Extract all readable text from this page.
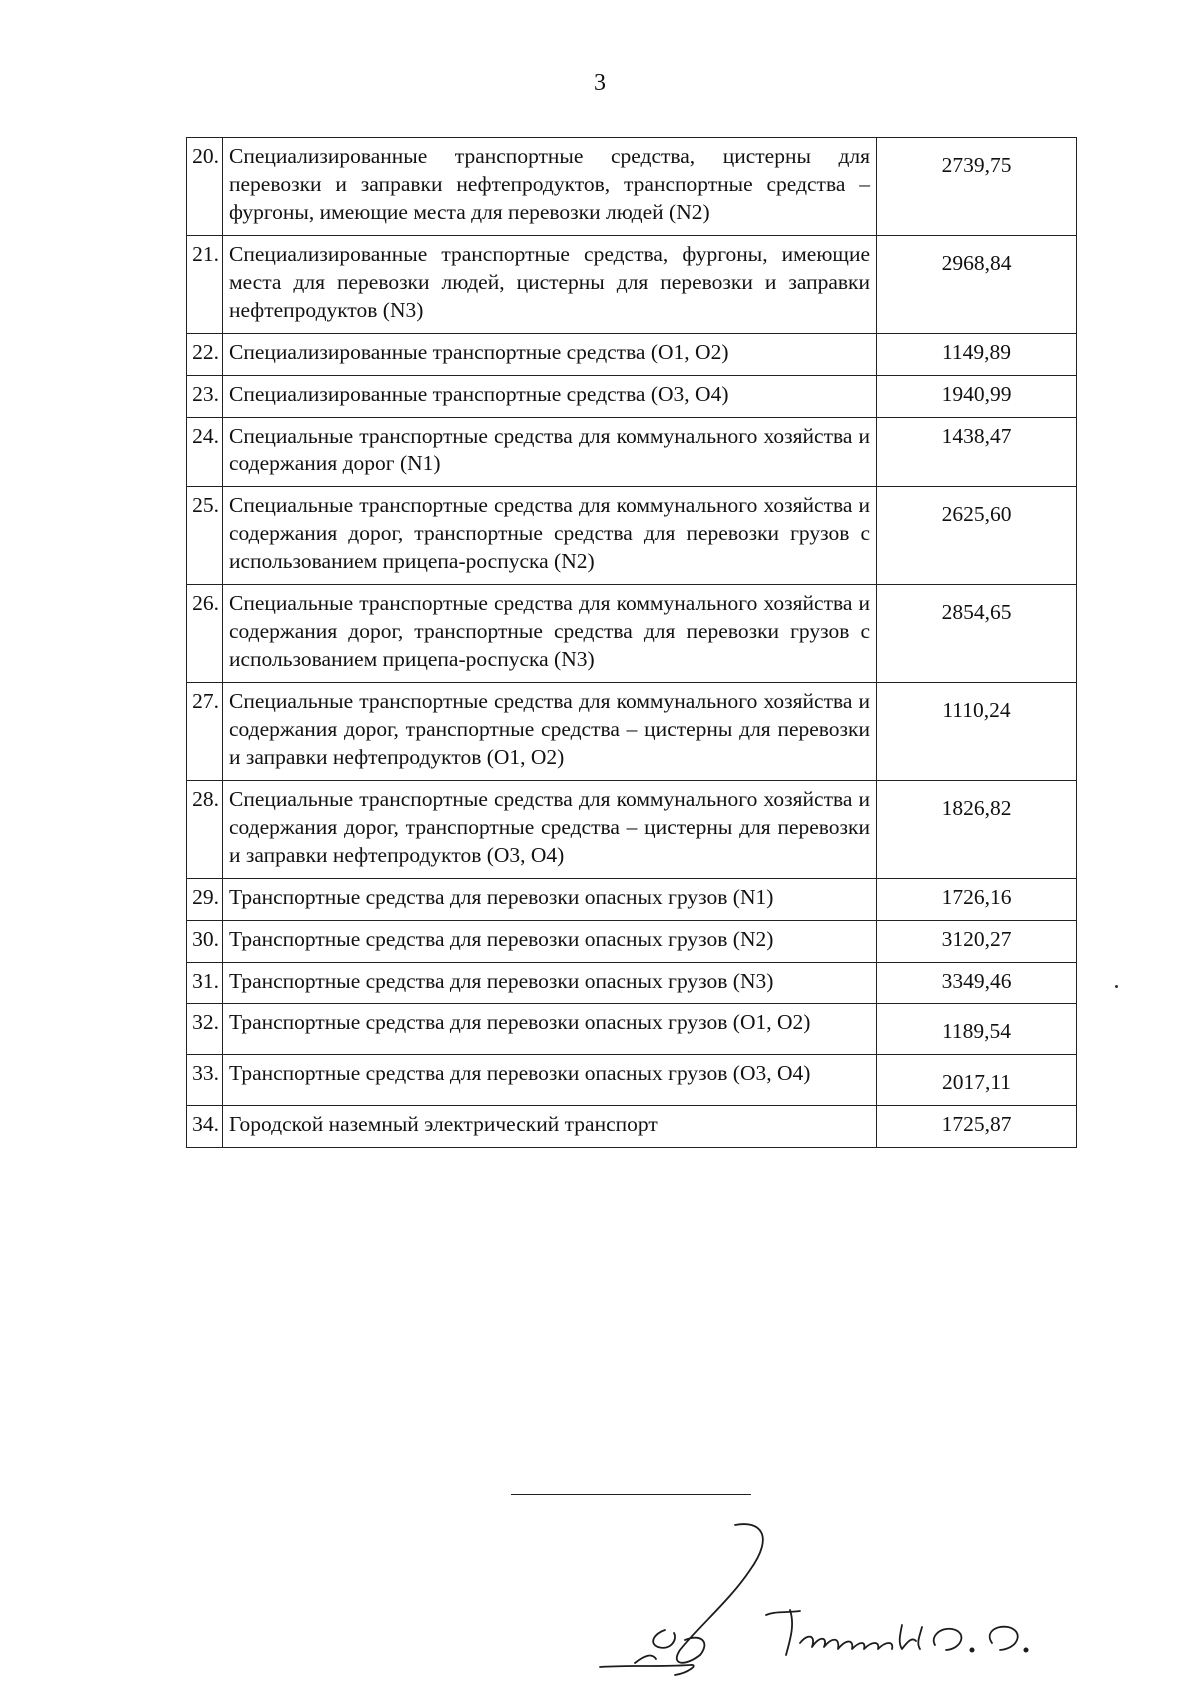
3
20.	Специализированные транспортные средства, цистерны для перевозки и заправки нефтепродуктов, транспортные средства – фургоны, имеющие места для перевозки людей (N2)	2739,75
21.	Специализированные транспортные средства, фургоны, имеющие места для перевозки людей, цистерны для перевозки и заправки нефтепродуктов (N3)	2968,84
22.	Специализированные транспортные средства (O1, O2)	1149,89
23.	Специализированные транспортные средства (O3, O4)	1940,99
24.	Специальные транспортные средства для коммунального хозяйства и содержания дорог (N1)	1438,47
25.	Специальные транспортные средства для коммунального хозяйства и содержания дорог, транспортные средства для перевозки грузов с использованием прицепа-роспуска (N2)	2625,60
26.	Специальные транспортные средства для коммунального хозяйства и содержания дорог, транспортные средства для перевозки грузов с использованием прицепа-роспуска (N3)	2854,65
27.	Специальные транспортные средства для коммунального хозяйства и содержания дорог, транспортные средства – цистерны для перевозки и заправки нефтепродуктов (O1, O2)	1110,24
28.	Специальные транспортные средства для коммунального хозяйства и содержания дорог, транспортные средства – цистерны для перевозки и заправки нефтепродуктов (O3, O4)	1826,82
29.	Транспортные средства для перевозки опасных грузов (N1)	1726,16
30.	Транспортные средства для перевозки опасных грузов (N2)	3120,27
31.	Транспортные средства для перевозки опасных грузов (N3)	3349,46
32.	Транспортные средства для перевозки опасных грузов (O1, O2)	1189,54
33.	Транспортные средства для перевозки опасных грузов (O3, O4)	2017,11
34.	Городской наземный электрический транспорт	1725,87
